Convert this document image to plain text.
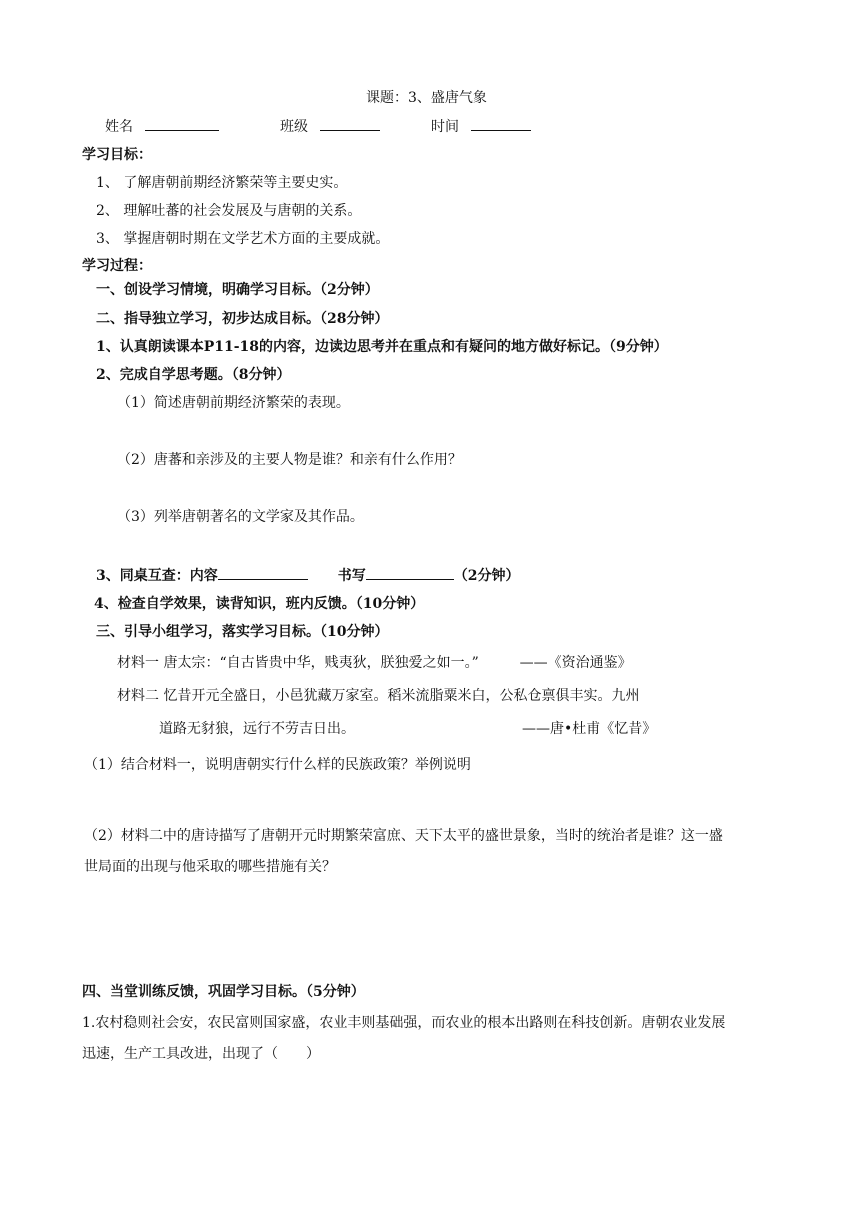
课题：3、盛唐气象
姓名	班级	时间
学习目标：
1、 了解唐朝前期经济繁荣等主要史实。
2、 理解吐蕃的社会发展及与唐朝的关系。
3、 掌握唐朝时期在文学艺术方面的主要成就。
学习过程：
一、创设学习情境，明确学习目标。（2分钟）
二、指导独立学习，初步达成目标。（28分钟）
1、认真朗读课本P11-18的内容，边读边思考并在重点和有疑问的地方做好标记。（9分钟）
2、完成自学思考题。（8分钟）
（1）简述唐朝前期经济繁荣的表现。
（2）唐蕃和亲涉及的主要人物是谁？和亲有什么作用？
（3）列举唐朝著名的文学家及其作品。
3、同桌互查：内容	书写	（2分钟）
4、检查自学效果，读背知识，班内反馈。（10分钟）
三、引导小组学习，落实学习目标。（10分钟）
材料一 唐太宗：“自古皆贵中华，贱夷狄，朕独爱之如一。”	——《资治通鉴》
材料二 忆昔开元全盛日，小邑犹藏万家室。稻米流脂粟米白，公私仓禀俱丰实。九州
道路无豺狼，远行不劳吉日出。	——唐•杜甫《忆昔》
（1）结合材料一，说明唐朝实行什么样的民族政策？举例说明
（2）材料二中的唐诗描写了唐朝开元时期繁荣富庶、天下太平的盛世景象，当时的统治者是谁？这一盛
世局面的出现与他采取的哪些措施有关？
四、当堂训练反馈，巩固学习目标。（5分钟）
1.农村稳则社会安，农民富则国家盛，农业丰则基础强，而农业的根本出路则在科技创新。唐朝农业发展
迅速，生产工具改进，出现了（　　）
